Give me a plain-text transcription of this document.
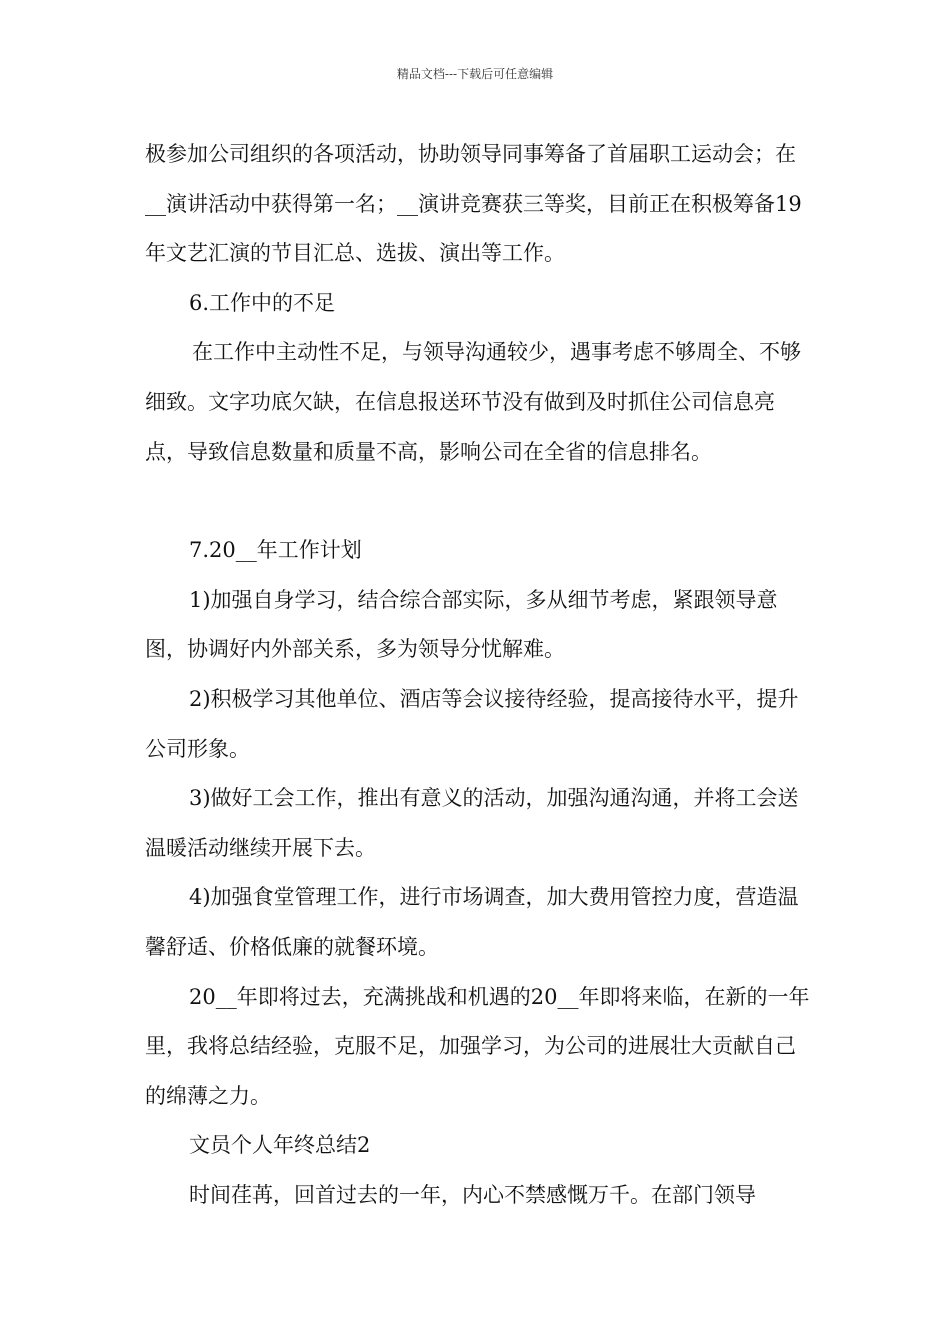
精品文档---下载后可任意编辑

极参加公司组织的各项活动，协助领导同事筹备了首届职工运动会；在__演讲活动中获得第一名；__演讲竞赛获三等奖，目前正在积极筹备19年文艺汇演的节目汇总、选拔、演出等工作。

6.工作中的不足

在工作中主动性不足，与领导沟通较少，遇事考虑不够周全、不够细致。文字功底欠缺，在信息报送环节没有做到及时抓住公司信息亮点，导致信息数量和质量不高，影响公司在全省的信息排名。

7.20__年工作计划

1)加强自身学习，结合综合部实际，多从细节考虑，紧跟领导意图，协调好内外部关系，多为领导分忧解难。

2)积极学习其他单位、酒店等会议接待经验，提高接待水平，提升公司形象。

3)做好工会工作，推出有意义的活动，加强沟通沟通，并将工会送温暖活动继续开展下去。

4)加强食堂管理工作，进行市场调查，加大费用管控力度，营造温馨舒适、价格低廉的就餐环境。

20__年即将过去，充满挑战和机遇的20__年即将来临，在新的一年里，我将总结经验，克服不足，加强学习，为公司的进展壮大贡献自己的绵薄之力。

文员个人年终总结2

时间荏苒，回首过去的一年，内心不禁感慨万千。在部门领导
